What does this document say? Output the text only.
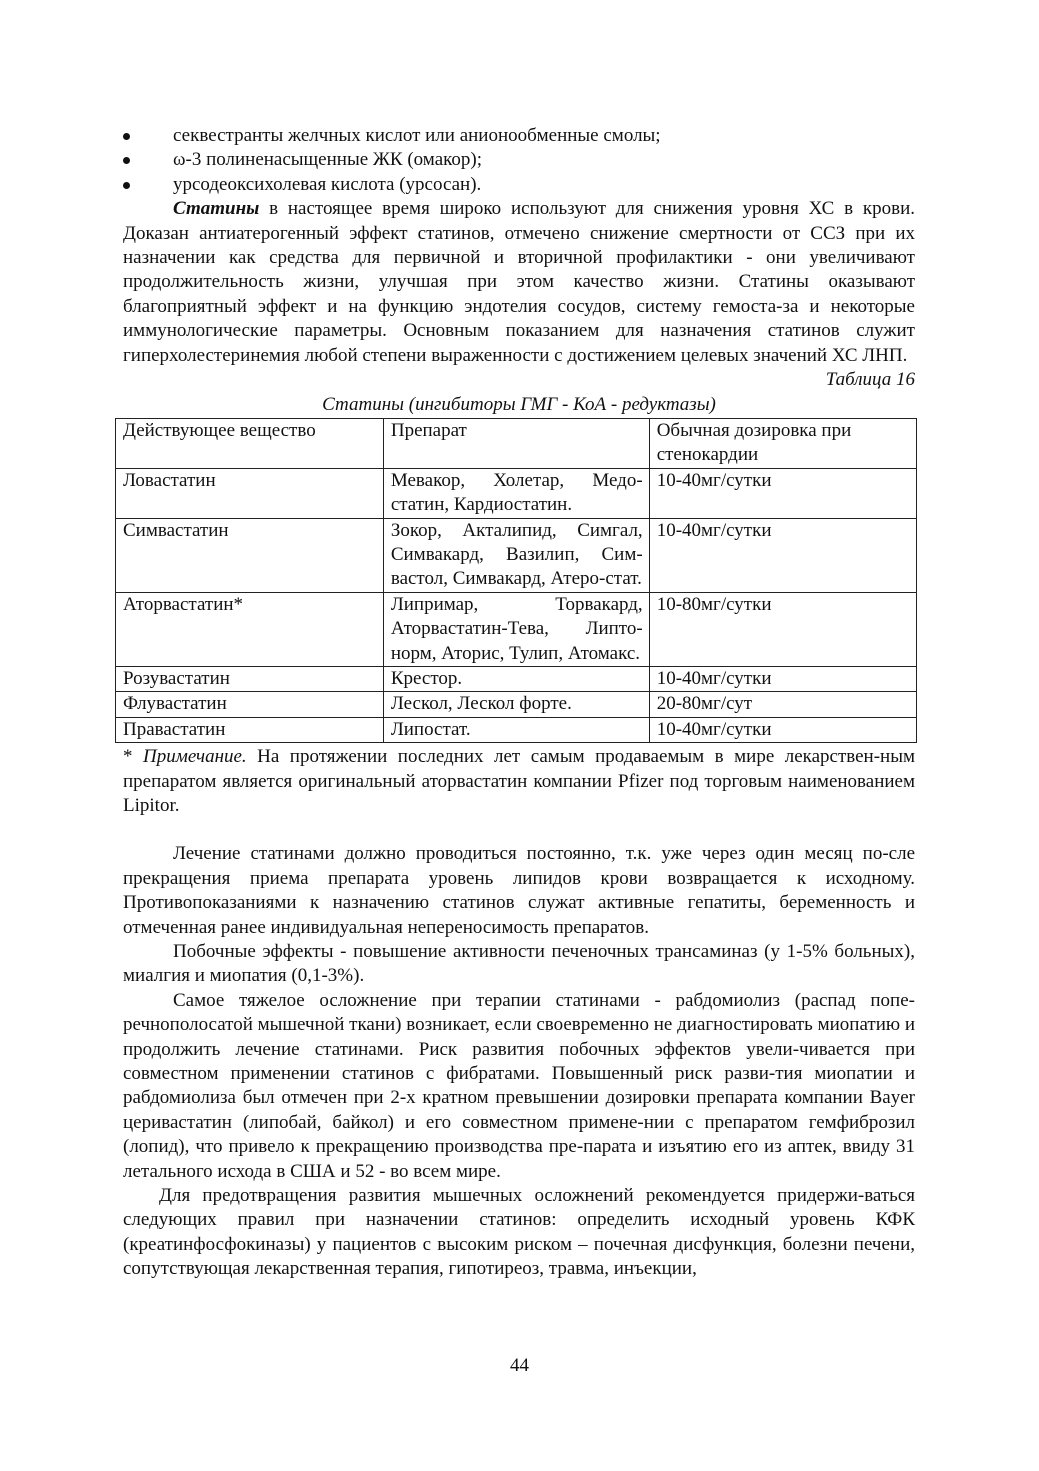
секвестранты желчных кислот или анионообменные смолы;
ω-3 полиненасыщенные ЖК (омакор);
урсодеоксихолевая кислота (урсосан).

Статины в настоящее время широко используют для снижения уровня ХС в крови. Доказан антиатерогенный эффект статинов, отмечено снижение смертности от ССЗ при их назначении как средства для первичной и вторичной профилактики - они увеличивают продолжительность жизни, улучшая при этом качество жизни. Статины оказывают благоприятный эффект и на функцию эндотелия сосудов, систему гемоста-за и некоторые иммунологические параметры. Основным показанием для назначения статинов служит гиперхолестеринемия любой степени выраженности с достижением целевых значений ХС ЛНП.

Таблица 16
Статины (ингибиторы ГМГ - КоА - редуктазы)
Действующее вещество	Препарат	Обычная дозировка при стенокардии
Ловастатин	Мевакор, Холетар, Медо-статин, Кардиостатин.	10-40мг/сутки
Симвастатин	Зокор, Акталипид, Симгал, Симвакард, Вазилип, Сим-вастол, Симвакард, Атеро-стат.	10-40мг/сутки
Аторвастатин*	Липримар, Торвакард, Аторвастатин-Тева, Липто-норм, Аторис, Тулип, Атомакс.	10-80мг/сутки
Розувастатин	Крестор.	10-40мг/сутки
Флувастатин	Лескол, Лескол форте.	20-80мг/сут
Правастатин	Липостат.	10-40мг/сутки

* Примечание. На протяжении последних лет самым продаваемым в мире лекарствен-ным препаратом является оригинальный аторвастатин компании Pfizer под торговым наименованием Lipitor.

Лечение статинами должно проводиться постоянно, т.к. уже через один месяц по-сле прекращения приема препарата уровень липидов крови возвращается к исходному. Противопоказаниями к назначению статинов служат активные гепатиты, беременность и отмеченная ранее индивидуальная непереносимость препаратов.

Побочные эффекты - повышение активности печеночных трансаминаз (у 1-5% больных), миалгия и миопатия (0,1-3%).

Самое тяжелое осложнение при терапии статинами - рабдомиолиз (распад попе-речнополосатой мышечной ткани) возникает, если своевременно не диагностировать миопатию и продолжить лечение статинами. Риск развития побочных эффектов увели-чивается при совместном применении статинов с фибратами. Повышенный риск разви-тия миопатии и рабдомиолиза был отмечен при 2-х кратном превышении дозировки препарата компании Bayer церивастатин (липобай, байкол) и его совместном примене-нии с препаратом гемфиброзил (лопид), что привело к прекращению производства пре-парата и изъятию его из аптек, ввиду 31 летального исхода в США и 52 - во всем мире.

Для предотвращения развития мышечных осложнений рекомендуется придержи-ваться следующих правил при назначении статинов: определить исходный уровень КФК (креатинфосфокиназы) у пациентов с высоким риском – почечная дисфункция, болезни печени, сопутствующая лекарственная терапия, гипотиреоз, травма, инъекции,

44
